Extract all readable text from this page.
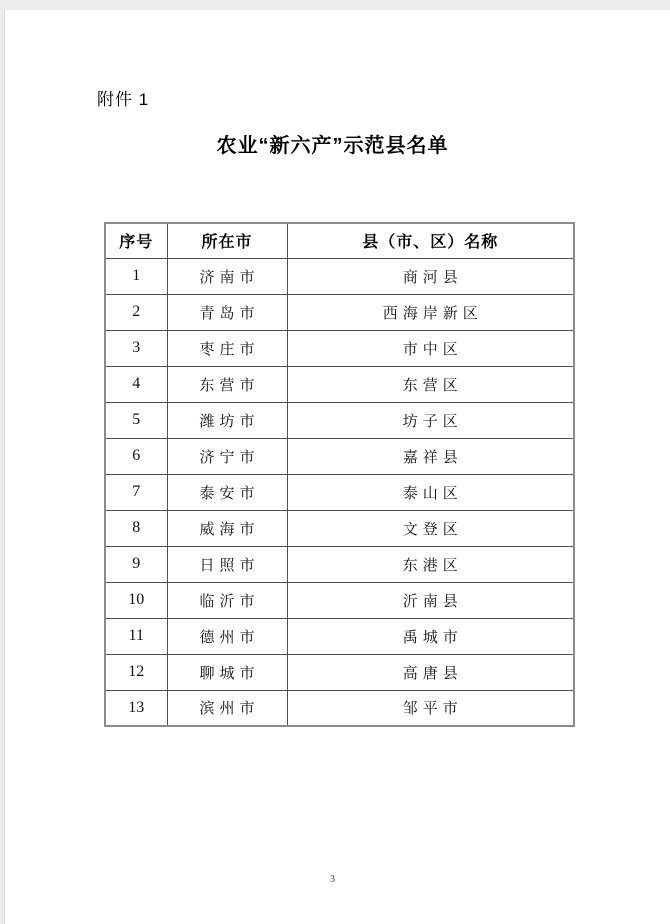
附件 1
农业“新六产”示范县名单
序号	所在市	县（市、区）名称
1	济南市	商河县
2	青岛市	西海岸新区
3	枣庄市	市中区
4	东营市	东营区
5	潍坊市	坊子区
6	济宁市	嘉祥县
7	泰安市	泰山区
8	威海市	文登区
9	日照市	东港区
10	临沂市	沂南县
11	德州市	禹城市
12	聊城市	高唐县
13	滨州市	邹平市
3
